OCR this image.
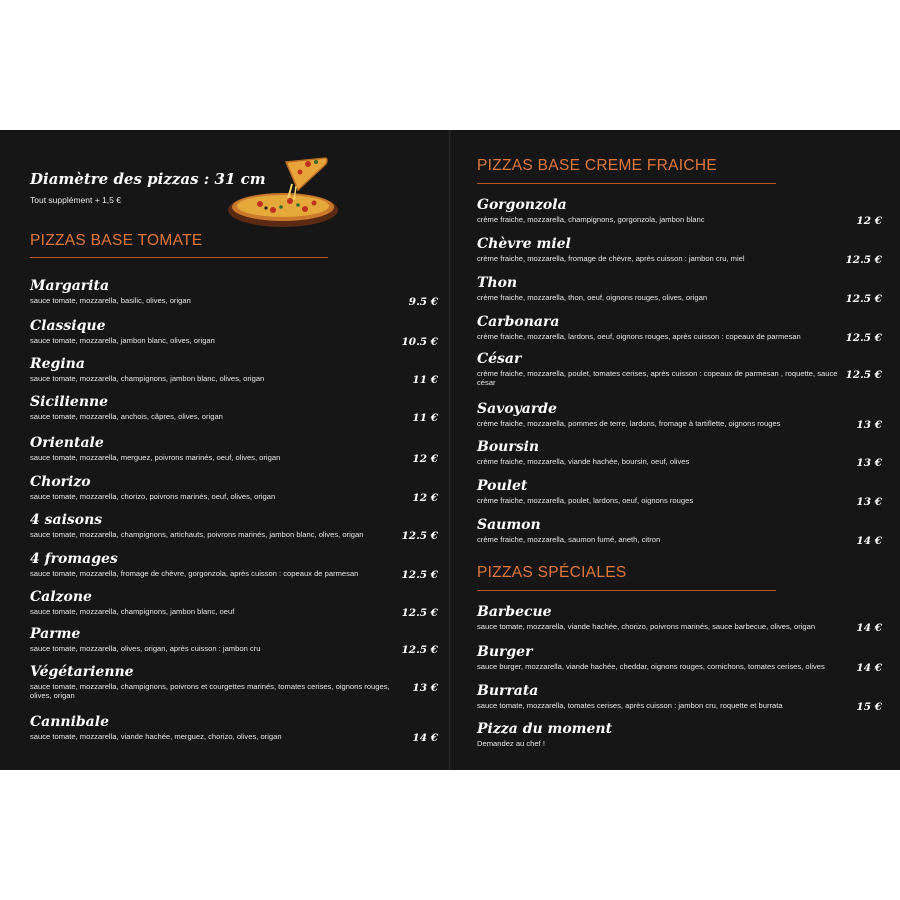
Diamètre des pizzas : 31 cm
Tout supplément + 1,5 €
PIZZAS BASE TOMATE
Margarita
sauce tomate, mozzarella, basilic, olives, origan	9.5 €
Classique
sauce tomate, mozzarella, jambon blanc, olives, origan	10.5 €
Regina
sauce tomate, mozzarella, champignons, jambon blanc, olives, origan	11 €
Sicilienne
sauce tomate, mozzarella, anchois, câpres, olives, origan	11 €
Orientale
sauce tomate, mozzarella, merguez, poivrons marinés, oeuf, olives, origan	12 €
Chorizo
sauce tomate, mozzarella, chorizo, poivrons marinés, oeuf, olives, origan	12 €
4 saisons
sauce tomate, mozzarella, champignons, artichauts, poivrons marinés, jambon blanc, olives, origan	12.5 €
4 fromages
sauce tomate, mozzarella, fromage de chèvre, gorgonzola, après cuisson : copeaux de parmesan	12.5 €
Calzone
sauce tomate, mozzarella, champignons, jambon blanc, oeuf	12.5 €
Parme
sauce tomate, mozzarella, olives, origan, après cuisson : jambon cru	12.5 €
Végétarienne
sauce tomate, mozzarella, champignons, poivrons et courgettes marinés, tomates cerises, oignons rouges, olives, origan
13 €
Cannibale
sauce tomate, mozzarella, viande hachée, merguez, chorizo, olives, origan	14 €
PIZZAS BASE CREME FRAICHE
Gorgonzola
crème fraiche, mozzarella, champignons, gorgonzola, jambon blanc	12 €
Chèvre miel
crème fraiche, mozzarella, fromage de chèvre, après cuisson : jambon cru, miel	12.5 €
Thon
crème fraiche, mozzarella, thon, oeuf, oignons rouges, olives, origan	12.5 €
Carbonara
crème fraiche, mozzarella, lardons, oeuf, oignons rouges, après cuisson : copeaux de parmesan	12.5 €
César
crème fraiche, mozzarella, poulet, tomates cerises, après cuisson : copeaux de parmesan , roquette, sauce césar
12.5 €
Savoyarde
crème fraiche, mozzarella, pommes de terre, lardons, fromage à tartiflette, oignons rouges	13 €
Boursin
crème fraiche, mozzarella, viande hachée, boursin, oeuf, olives	13 €
Poulet
crème fraiche, mozzarella, poulet, lardons, oeuf, oignons rouges	13 €
Saumon
crème fraiche, mozzarella, saumon fumé, aneth, citron	14 €
PIZZAS SPÉCIALES
Barbecue
sauce tomate, mozzarella, viande hachée, chorizo, poivrons marinés, sauce barbecue, olives, origan	14 €
Burger
sauce burger, mozzarella, viande hachée, cheddar, oignons rouges, cornichons, tomates cerises, olives	14 €
Burrata
sauce tomate, mozzarella, tomates cerises, après cuisson : jambon cru, roquette et burrata	15 €
Pizza du moment
Demandez au chef !
